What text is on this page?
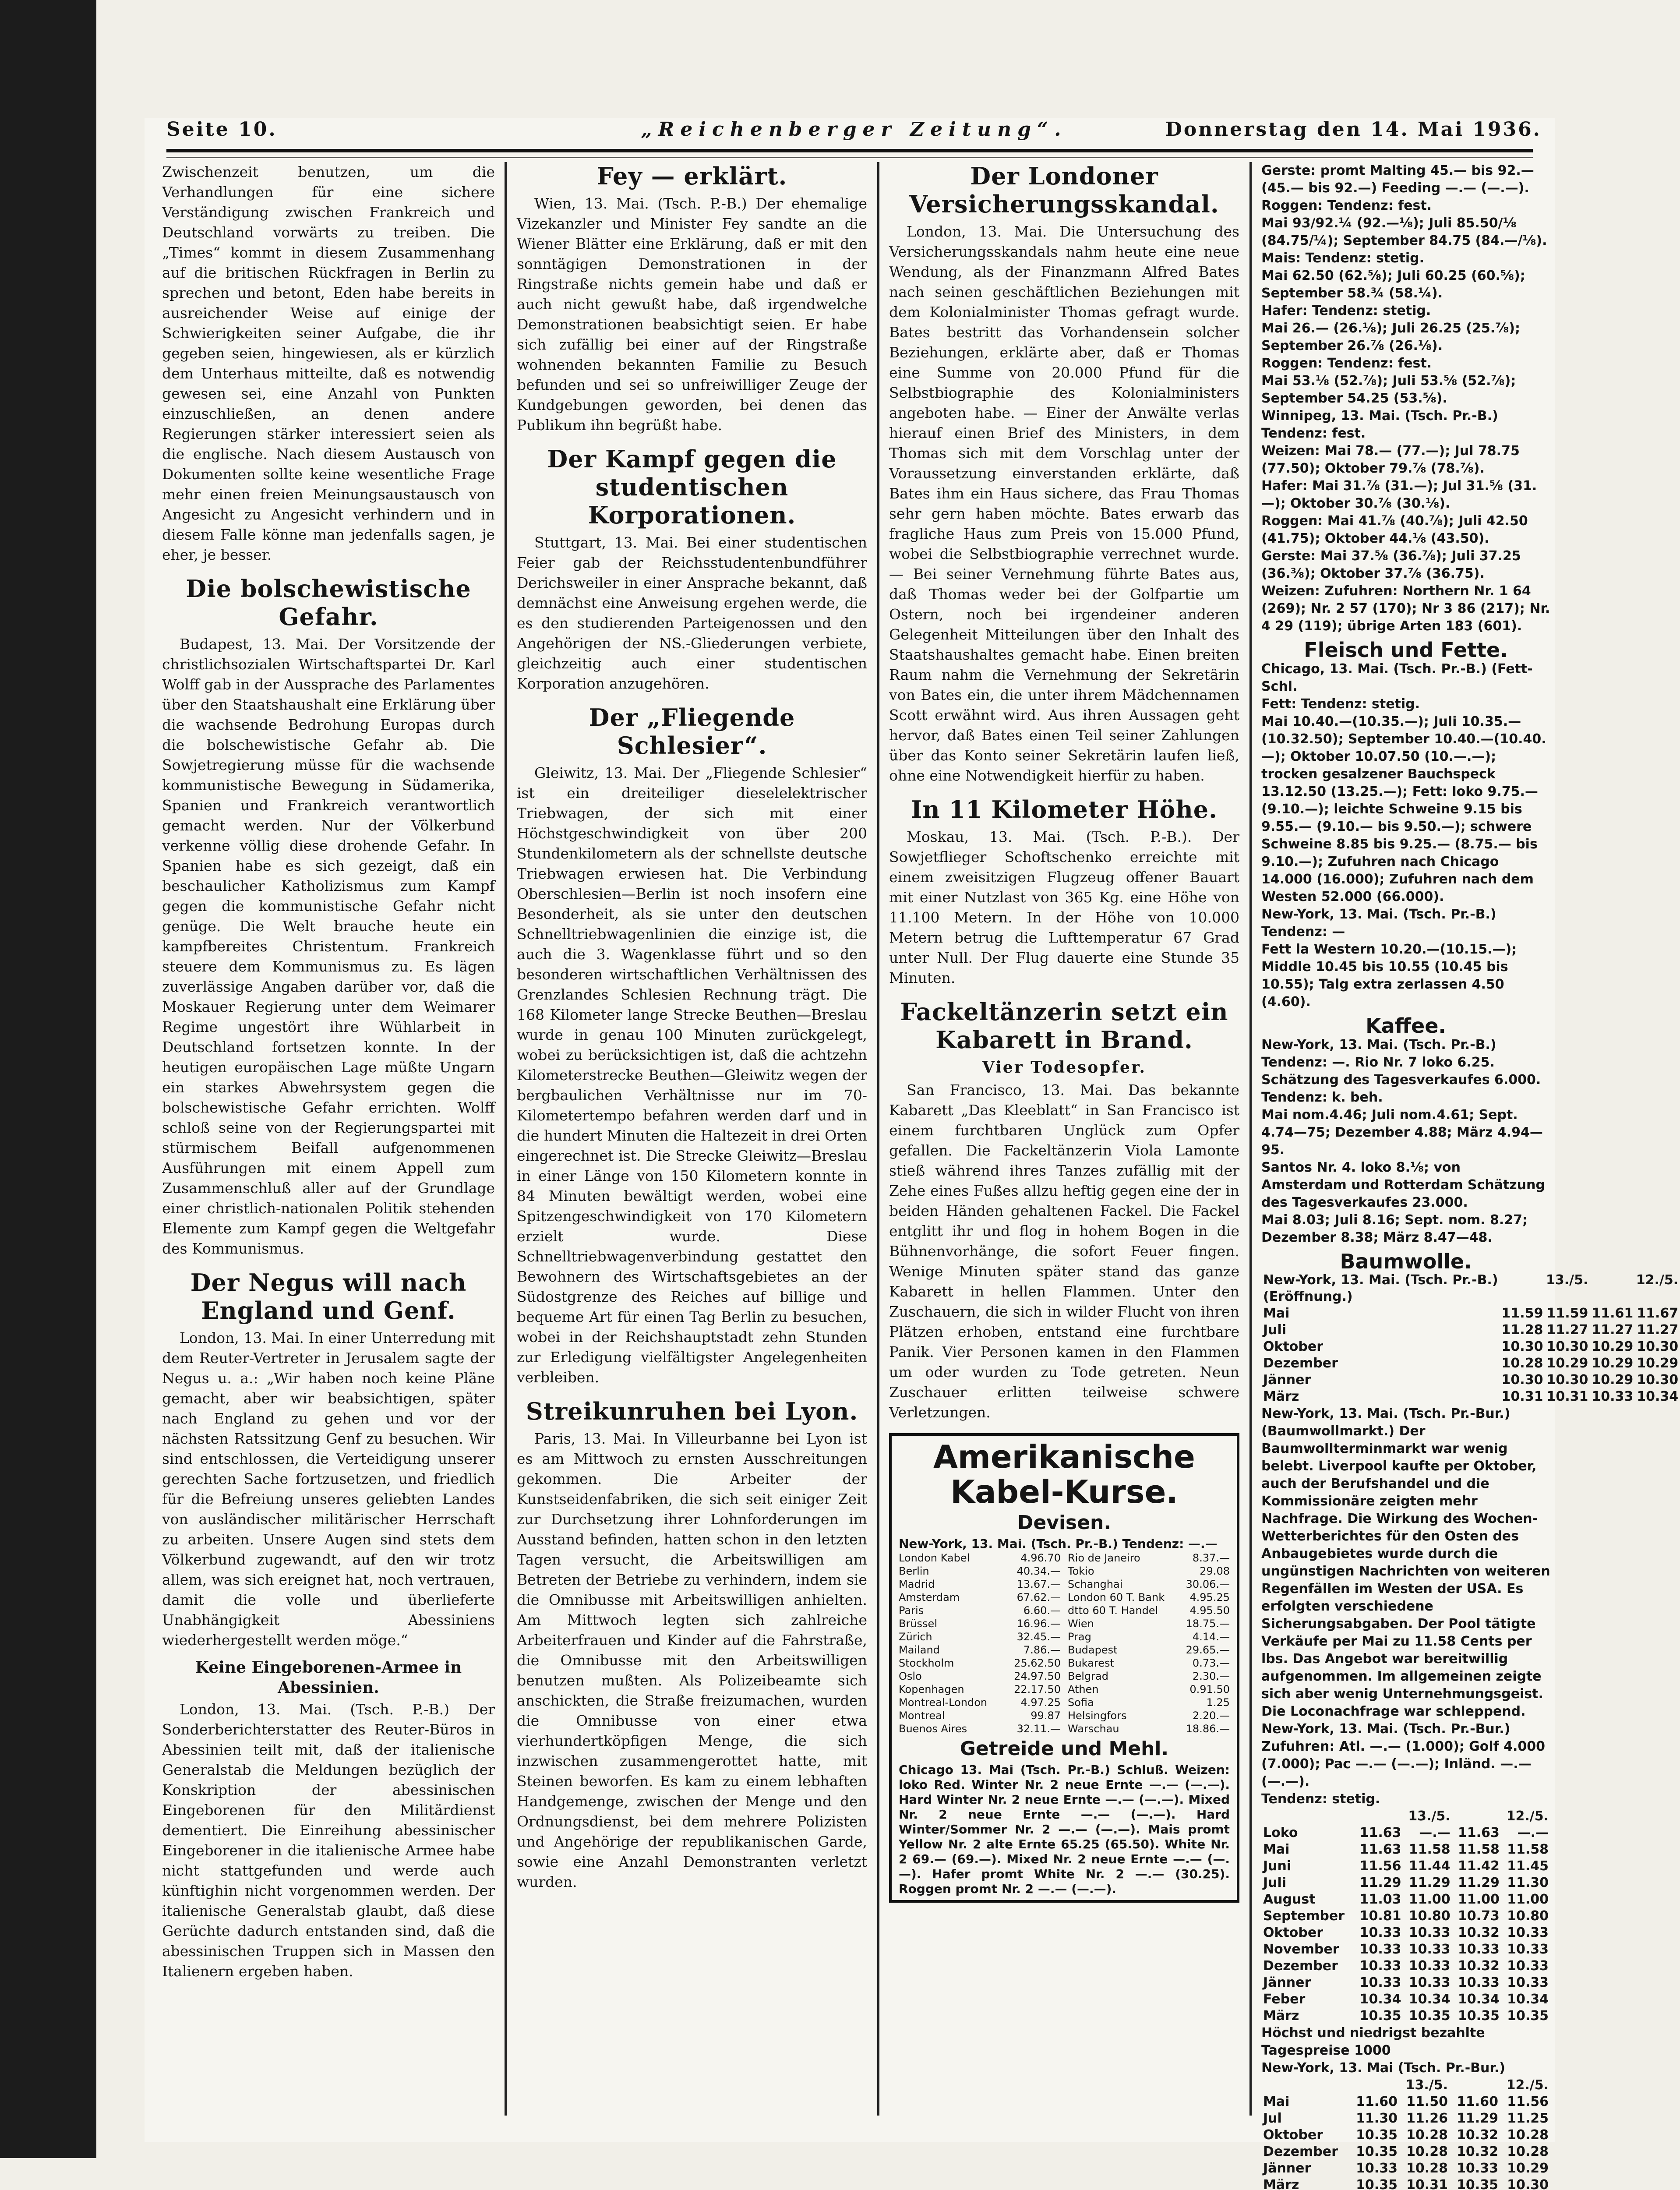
Seite 10.	„Reichenberger Zeitung“.	Donnerstag den 14. Mai 1936.

Zwischenzeit benutzen, um die Verhandlungen für eine sichere Verständigung zwischen Frankreich und Deutschland vorwärts zu treiben. Die „Times“ kommt in diesem Zusammenhang auf die britischen Rückfragen in Berlin zu sprechen und betont, Eden habe bereits in ausreichender Weise auf einige der Schwierigkeiten seiner Aufgabe, die ihr gegeben seien, hingewiesen, als er kürzlich dem Unterhaus mitteilte, daß es notwendig gewesen sei, eine Anzahl von Punkten einzuschließen, an denen andere Regierungen stärker interessiert seien als die englische. Nach diesem Austausch von Dokumenten sollte keine wesentliche Frage mehr einen freien Meinungsaustausch von Angesicht zu Angesicht verhindern und in diesem Falle könne man jedenfalls sagen, je eher, je besser.

Die bolschewistische Gefahr.

Budapest, 13. Mai. Der Vorsitzende der christlichsozialen Wirtschaftspartei Dr. Karl Wolff gab in der Aussprache des Parlamentes über den Staatshaushalt eine Erklärung über die wachsende Bedrohung Europas durch die bolschewistische Gefahr ab. Die Sowjetregierung müsse für die wachsende kommunistische Bewegung in Südamerika, Spanien und Frankreich verantwortlich gemacht werden. Nur der Völkerbund verkenne völlig diese drohende Gefahr. In Spanien habe es sich gezeigt, daß ein beschaulicher Katholizismus zum Kampf gegen die kommunistische Gefahr nicht genüge. Die Welt brauche heute ein kampfbereites Christentum. Frankreich steuere dem Kommunismus zu. Es lägen zuverlässige Angaben darüber vor, daß die Moskauer Regierung unter dem Weimarer Regime ungestört ihre Wühlarbeit in Deutschland fortsetzen konnte. In der heutigen europäischen Lage müßte Ungarn ein starkes Abwehrsystem gegen die bolschewistische Gefahr errichten. Wolff schloß seine von der Regierungspartei mit stürmischem Beifall aufgenommenen Ausführungen mit einem Appell zum Zusammenschluß aller auf der Grundlage einer christlich-nationalen Politik stehenden Elemente zum Kampf gegen die Weltgefahr des Kommunismus.

Der Negus will nach England und Genf.

London, 13. Mai. In einer Unterredung mit dem Reuter-Vertreter in Jerusalem sagte der Negus u. a.: „Wir haben noch keine Pläne gemacht, aber wir beabsichtigen, später nach England zu gehen und vor der nächsten Ratssitzung Genf zu besuchen. Wir sind entschlossen, die Verteidigung unserer gerechten Sache fortzusetzen, und friedlich für die Befreiung unseres geliebten Landes von ausländischer militärischer Herrschaft zu arbeiten. Unsere Augen sind stets dem Völkerbund zugewandt, auf den wir trotz allem, was sich ereignet hat, noch vertrauen, damit die volle und überlieferte Unabhängigkeit Abessiniens wiederhergestellt werden möge.“

Keine Eingeborenen-Armee in Abessinien.

London, 13. Mai. (Tsch. P.-B.) Der Sonderberichterstatter des Reuter-Büros in Abessinien teilt mit, daß der italienische Generalstab die Meldungen bezüglich der Konskription der abessinischen Eingeborenen für den Militärdienst dementiert. Die Einreihung abessinischer Eingeborener in die italienische Armee habe nicht stattgefunden und werde auch künftighin nicht vorgenommen werden. Der italienische Generalstab glaubt, daß diese Gerüchte dadurch entstanden sind, daß die abessinischen Truppen sich in Massen den Italienern ergeben haben.

Fey — erklärt.

Wien, 13. Mai. (Tsch. P.-B.) Der ehemalige Vizekanzler und Minister Fey sandte an die Wiener Blätter eine Erklärung, daß er mit den sonntägigen Demonstrationen in der Ringstraße nichts gemein habe und daß er auch nicht gewußt habe, daß irgendwelche Demonstrationen beabsichtigt seien. Er habe sich zufällig bei einer auf der Ringstraße wohnenden bekannten Familie zu Besuch befunden und sei so unfreiwilliger Zeuge der Kundgebungen geworden, bei denen das Publikum ihn begrüßt habe.

Der Kampf gegen die studentischen Korporationen.

Stuttgart, 13. Mai. Bei einer studentischen Feier gab der Reichsstudentenbundführer Derichsweiler in einer Ansprache bekannt, daß demnächst eine Anweisung ergehen werde, die es den studierenden Parteigenossen und den Angehörigen der NS.-Gliederungen verbiete, gleichzeitig auch einer studentischen Korporation anzugehören.

Der „Fliegende Schlesier“.

Gleiwitz, 13. Mai. Der „Fliegende Schlesier“ ist ein dreiteiliger dieselelektrischer Triebwagen, der sich mit einer Höchstgeschwindigkeit von über 200 Stundenkilometern als der schnellste deutsche Triebwagen erwiesen hat. Die Verbindung Oberschlesien—Berlin ist noch insofern eine Besonderheit, als sie unter den deutschen Schnelltriebwagenlinien die einzige ist, die auch die 3. Wagenklasse führt und so den besonderen wirtschaftlichen Verhältnissen des Grenzlandes Schlesien Rechnung trägt. Die 168 Kilometer lange Strecke Beuthen—Breslau wurde in genau 100 Minuten zurückgelegt, wobei zu berücksichtigen ist, daß die achtzehn Kilometerstrecke Beuthen—Gleiwitz wegen der bergbaulichen Verhältnisse nur im 70-Kilometertempo befahren werden darf und in die hundert Minuten die Haltezeit in drei Orten eingerechnet ist. Die Strecke Gleiwitz—Breslau in einer Länge von 150 Kilometern konnte in 84 Minuten bewältigt werden, wobei eine Spitzengeschwindigkeit von 170 Kilometern erzielt wurde. Diese Schnelltriebwagenverbindung gestattet den Bewohnern des Wirtschaftsgebietes an der Südostgrenze des Reiches auf billige und bequeme Art für einen Tag Berlin zu besuchen, wobei in der Reichshauptstadt zehn Stunden zur Erledigung vielfältigster Angelegenheiten verbleiben.

Streikunruhen bei Lyon.

Paris, 13. Mai. In Villeurbanne bei Lyon ist es am Mittwoch zu ernsten Ausschreitungen gekommen. Die Arbeiter der Kunstseidenfabriken, die sich seit einiger Zeit zur Durchsetzung ihrer Lohnforderungen im Ausstand befinden, hatten schon in den letzten Tagen versucht, die Arbeitswilligen am Betreten der Betriebe zu verhindern, indem sie die Omnibusse mit Arbeitswilligen anhielten. Am Mittwoch legten sich zahlreiche Arbeiterfrauen und Kinder auf die Fahrstraße, die Omnibusse mit den Arbeitswilligen benutzen mußten. Als Polizeibeamte sich anschickten, die Straße freizumachen, wurden die Omnibusse von einer etwa vierhundertköpfigen Menge, die sich inzwischen zusammengerottet hatte, mit Steinen beworfen. Es kam zu einem lebhaften Handgemenge, zwischen der Menge und den Ordnungsdienst, bei dem mehrere Polizisten und Angehörige der republikanischen Garde, sowie eine Anzahl Demonstranten verletzt wurden.

Der Londoner Versicherungsskandal.

London, 13. Mai. Die Untersuchung des Versicherungsskandals nahm heute eine neue Wendung, als der Finanzmann Alfred Bates nach seinen geschäftlichen Beziehungen mit dem Kolonialminister Thomas gefragt wurde. Bates bestritt das Vorhandensein solcher Beziehungen, erklärte aber, daß er Thomas eine Summe von 20.000 Pfund für die Selbstbiographie des Kolonialministers angeboten habe. — Einer der Anwälte verlas hierauf einen Brief des Ministers, in dem Thomas sich mit dem Vorschlag unter der Voraussetzung einverstanden erklärte, daß Bates ihm ein Haus sichere, das Frau Thomas sehr gern haben möchte. Bates erwarb das fragliche Haus zum Preis von 15.000 Pfund, wobei die Selbstbiographie verrechnet wurde. — Bei seiner Vernehmung führte Bates aus, daß Thomas weder bei der Golfpartie um Ostern, noch bei irgendeiner anderen Gelegenheit Mitteilungen über den Inhalt des Staatshaushaltes gemacht habe. Einen breiten Raum nahm die Vernehmung der Sekretärin von Bates ein, die unter ihrem Mädchennamen Scott erwähnt wird. Aus ihren Aussagen geht hervor, daß Bates einen Teil seiner Zahlungen über das Konto seiner Sekretärin laufen ließ, ohne eine Notwendigkeit hierfür zu haben.

In 11 Kilometer Höhe.

Moskau, 13. Mai. (Tsch. P.-B.). Der Sowjetflieger Schoftschenko erreichte mit einem zweisitzigen Flugzeug offener Bauart mit einer Nutzlast von 365 Kg. eine Höhe von 11.100 Metern. In der Höhe von 10.000 Metern betrug die Lufttemperatur 67 Grad unter Null. Der Flug dauerte eine Stunde 35 Minuten.

Fackeltänzerin setzt ein Kabarett in Brand.
Vier Todesopfer.

San Francisco, 13. Mai. Das bekannte Kabarett „Das Kleeblatt“ in San Francisco ist einem furchtbaren Unglück zum Opfer gefallen. Die Fackeltänzerin Viola Lamonte stieß während ihres Tanzes zufällig mit der Zehe eines Fußes allzu heftig gegen eine der in beiden Händen gehaltenen Fackel. Die Fackel entglitt ihr und flog in hohem Bogen in die Bühnenvorhänge, die sofort Feuer fingen. Wenige Minuten später stand das ganze Kabarett in hellen Flammen. Unter den Zuschauern, die sich in wilder Flucht von ihren Plätzen erhoben, entstand eine furchtbare Panik. Vier Personen kamen in den Flammen um oder wurden zu Tode getreten. Neun Zuschauer erlitten teilweise schwere Verletzungen.

Amerikanische Kabel-Kurse.
Devisen.
New-York, 13. Mai. (Tsch. Pr.-B.) Tendenz: —.—
London Kabel	4.96.70 Rio de Janeiro	8.37.—
Berlin	40.34.— Tokio	29.08
Madrid	13.67.— Schanghai	30.06.—
Amsterdam	67.62.— London 60 T. Bank 4.95.25
Paris	6.60.— dtto 60 T. Handel	4.95.50
Brüssel	16.96.— Wien	18.75.—
Zürich	32.45.— Prag	4.14.—
Mailand	7.86.— Budapest	29.65.—
Stockholm	25.62.50 Bukarest	0.73.—
Oslo	24.97.50 Belgrad	2.30.—
Kopenhagen	22.17.50 Athen	0.91.50
Montreal-London	4.97.25 Sofia	1.25
Montreal	99.87 Helsingfors	2.20.—
Buenos Aires	32.11.— Warschau	18.86.—
Getreide und Mehl.
Chicago 13. Mai (Tsch. Pr.-B.) Schluß. Weizen: loko Red. Winter Nr. 2 neue Ernte —.— (—.—). Hard Winter Nr. 2 neue Ernte —.— (—.—). Mixed Nr. 2 neue Ernte —.— (—.—). Hard Winter/Sommer Nr. 2 —.— (—.—). Mais promt Yellow Nr. 2 alte Ernte 65.25 (65.50). White Nr. 2 69.— (69.—). Mixed Nr. 2 neue Ernte —.— (—.—). Hafer promt White Nr. 2 —.— (30.25). Roggen promt Nr. 2 —.— (—.—).
Gerste: promt Malting 45.— bis 92.— (45.— bis 92.—) Feeding —.— (—.—).
Roggen: Tendenz: fest.
Mai 93/92.¼ (92.—⅛); Juli 85.50/⅛ (84.75/¼); September 84.75 (84.—/⅛).
Mais: Tendenz: stetig.
Mai 62.50 (62.⅝); Juli 60.25 (60.⅝); September 58.¾ (58.¼).
Hafer: Tendenz: stetig.
Mai 26.— (26.⅛); Juli 26.25 (25.⅞); September 26.⅞ (26.⅛).
Roggen: Tendenz: fest.
Mai 53.⅛ (52.⅞); Juli 53.⅝ (52.⅞); September 54.25 (53.⅝).
Winnipeg, 13. Mai. (Tsch. Pr.-B.)
Tendenz: fest.
Weizen: Mai 78.— (77.—); Jul 78.75 (77.50); Oktober 79.⅞ (78.⅞).
Hafer: Mai 31.⅞ (31.—); Jul 31.⅝ (31.—); Oktober 30.⅞ (30.⅛).
Roggen: Mai 41.⅞ (40.⅞); Juli 42.50 (41.75); Oktober 44.⅛ (43.50).
Gerste: Mai 37.⅝ (36.⅞); Juli 37.25 (36.⅜); Oktober 37.⅞ (36.75).
Weizen: Zufuhren: Northern Nr. 1 64 (269); Nr. 2 57 (170); Nr 3 86 (217); Nr. 4 29 (119); übrige Arten 183 (601).
Fleisch und Fette.
Chicago, 13. Mai. (Tsch. Pr.-B.) (Fett-Schl.
Fett: Tendenz: stetig.
Mai 10.40.—(10.35.—); Juli 10.35.—(10.32.50); September 10.40.—(10.40.—); Oktober 10.07.50 (10.—.—); trocken gesalzener Bauchspeck 13.12.50 (13.25.—); Fett: loko 9.75.— (9.10.—); leichte Schweine 9.15 bis 9.55.— (9.10.— bis 9.50.—); schwere Schweine 8.85 bis 9.25.— (8.75.— bis 9.10.—); Zufuhren nach Chicago 14.000 (16.000); Zufuhren nach dem Westen 52.000 (66.000).
New-York, 13. Mai. (Tsch. Pr.-B.)
Tendenz: —
Fett la Western 10.20.—(10.15.—); Middle 10.45 bis 10.55 (10.45 bis 10.55); Talg extra zerlassen 4.50 (4.60).
Kaffee.
New-York, 13. Mai. (Tsch. Pr.-B.)
Tendenz: —. Rio Nr. 7 loko 6.25. Schätzung des Tagesverkaufes 6.000. Tendenz: k. beh.
Mai nom.4.46; Juli nom.4.61; Sept. 4.74—75; Dezember 4.88; März 4.94—95.
Santos Nr. 4. loko 8.⅛; von Amsterdam und Rotterdam Schätzung des Tagesverkaufes 23.000.
Mai 8.03; Juli 8.16; Sept. nom. 8.27; Dezember 8.38; März 8.47—48.
Baumwolle.
New-York, 13. Mai. (Tsch. Pr.-B.)	13./5.		12./5.	
(Eröffnung.)				
Mai	11.59	11.59	11.61	11.67
Juli	11.28	11.27	11.27	11.27
Oktober	10.30	10.30	10.29	10.30
Dezember	10.28	10.29	10.29	10.29
Jänner	10.30	10.30	10.29	10.30
März	10.31	10.31	10.33	10.34
New-York, 13. Mai. (Tsch. Pr.-Bur.) (Baumwollmarkt.) Der Baumwollterminmarkt war wenig belebt. Liverpool kaufte per Oktober, auch der Berufshandel und die Kommissionäre zeigten mehr Nachfrage. Die Wirkung des Wochen-Wetterberichtes für den Osten des Anbaugebietes wurde durch die ungünstigen Nachrichten von weiteren Regenfällen im Westen der USA. Es erfolgten verschiedene Sicherungsabgaben. Der Pool tätigte Verkäufe per Mai zu 11.58 Cents per lbs. Das Angebot war bereitwillig aufgenommen. Im allgemeinen zeigte sich aber wenig Unternehmungsgeist. Die Loconachfrage war schleppend.
New-York, 13. Mai. (Tsch. Pr.-Bur.)
Zufuhren: Atl. —.— (1.000); Golf 4.000 (7.000); Pac —.— (—.—); Inländ. —.— (—.—).
Tendenz: stetig.
	13./5.		12./5.	
Loko	11.63	—.—	11.63	—.—
Mai	11.63	11.58	11.58	11.58
Juni	11.56	11.44	11.42	11.45
Juli	11.29	11.29	11.29	11.30
August	11.03	11.00	11.00	11.00
September	10.81	10.80	10.73	10.80
Oktober	10.33	10.33	10.32	10.33
November	10.33	10.33	10.33	10.33
Dezember	10.33	10.33	10.32	10.33
Jänner	10.33	10.33	10.33	10.33
Feber	10.34	10.34	10.34	10.34
März	10.35	10.35	10.35	10.35
Höchst und niedrigst bezahlte Tagespreise 1000
New-York, 13. Mai (Tsch. Pr.-Bur.)
	13./5.		12./5.	
Mai	11.60	11.50	11.60	11.56
Jul	11.30	11.26	11.29	11.25
Oktober	10.35	10.28	10.32	10.28
Dezember	10.35	10.28	10.32	10.28
Jänner	10.33	10.28	10.33	10.29
März	10.35	10.31	10.35	10.30
